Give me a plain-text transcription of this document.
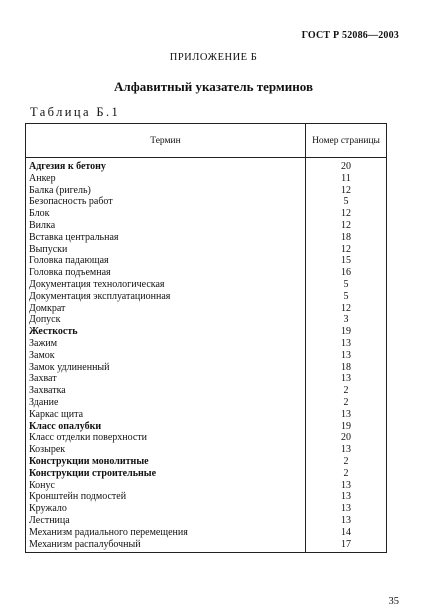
ГОСТ Р 52086—2003
ПРИЛОЖЕНИЕ Б
Алфавитный указатель терминов
Таблица Б.1
Термин	Номер страницы
Адгезия к бетону	20
Анкер	11
Балка (ригель)	12
Безопасность работ	5
Блок	12
Вилка	12
Вставка центральная	18
Выпуски	12
Головка падающая	15
Головка подъемная	16
Документация технологическая	5
Документация эксплуатационная	5
Домкрат	12
Допуск	3
Жесткость	19
Зажим	13
Замок	13
Замок удлиненный	18
Захват	13
Захватка	2
Здание	2
Каркас щита	13
Класс опалубки	19
Класс отделки поверхности	20
Козырек	13
Конструкции монолитные	2
Конструкции строительные	2
Конус	13
Кронштейн подмостей	13
Кружало	13
Лестница	13
Механизм радиального перемещения	14
Механизм распалубочный	17
35
